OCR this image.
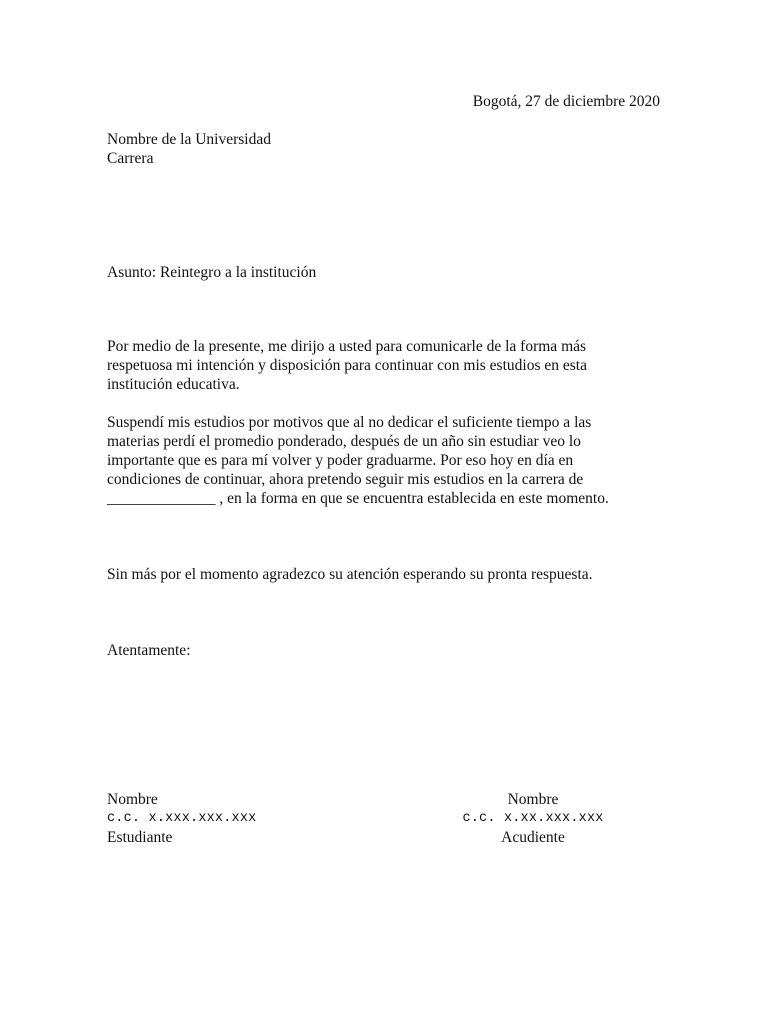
Bogotá, 27 de diciembre 2020
Nombre de la Universidad
Carrera
Asunto: Reintegro a la institución
Por medio de la presente, me dirijo a usted para comunicarle de la forma más
respetuosa mi intención y disposición para continuar con mis estudios en esta
institución educativa.
Suspendí mis estudios por motivos que al no dedicar el suficiente tiempo a las
materias perdí el promedio ponderado, después de un año sin estudiar veo lo
importante que es para mí volver y poder graduarme. Por eso hoy en día en
condiciones de continuar, ahora pretendo seguir mis estudios en la carrera de
______________ , en la forma en que se encuentra establecida en este momento.
Sin más por el momento agradezco su atención esperando su pronta respuesta.
Atentamente:
Nombre
c.c. x.xxx.xxx.xxx
Estudiante
Nombre
c.c. x.xx.xxx.xxx
Acudiente
